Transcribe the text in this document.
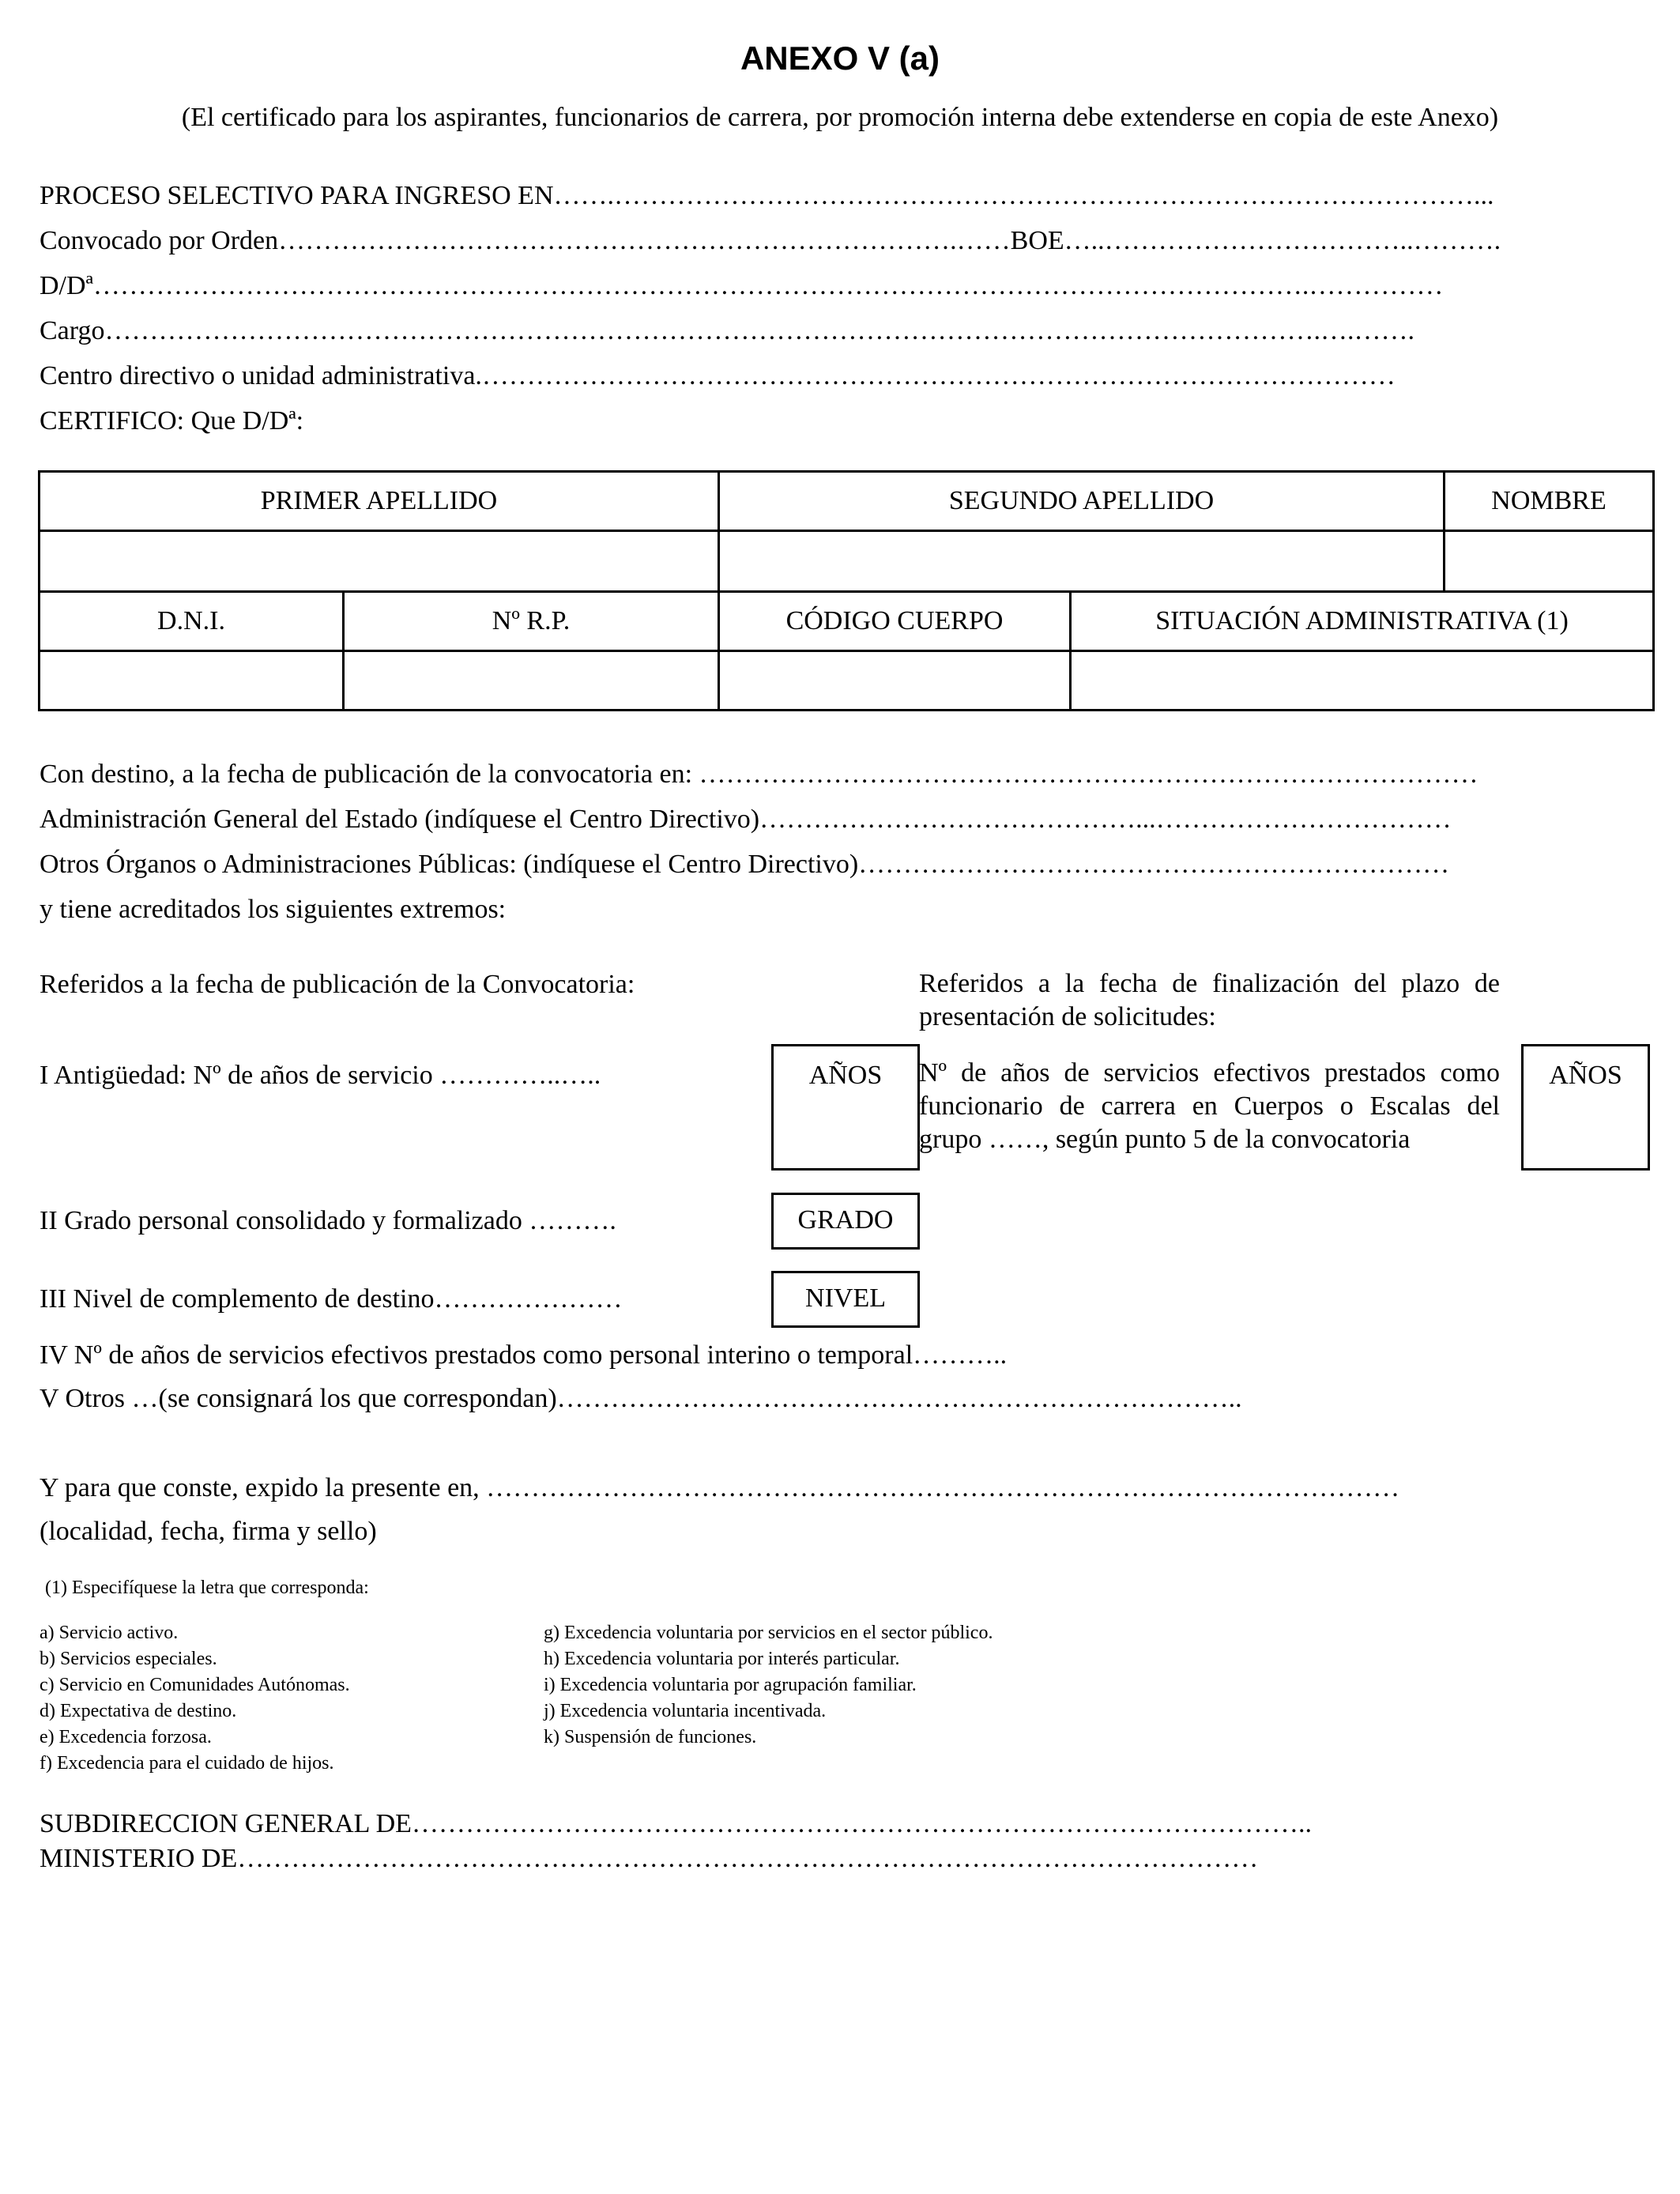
ANEXO V (a)
(El certificado para los aspirantes, funcionarios de carrera, por promoción interna debe extenderse en copia de este Anexo)
PROCESO SELECTIVO PARA INGRESO EN…….……………………………………………………………………………………...
Convocado por Orden………………………………………………………………….……BOE…..……………………………..……….
D/Dª……………………………………………………………………………………………………………………….……………
Cargo……………………………………………………………………………………………………………………….….…….
Centro directivo o unidad administrativa.…………………………………………………………………………………………
CERTIFICO: Que D/Dª:
PRIMER APELLIDO		SEGUNDO APELLIDO		NOMBRE

D.N.I.	Nº R.P.	CÓDIGO CUERPO	SITUACIÓN ADMINISTRATIVA (1)	

Con destino, a la fecha de publicación de la convocatoria en: ……………………………………………………………………………
Administración General del Estado (indíquese el Centro Directivo)……………………………………...……………………………
Otros Órganos o Administraciones Públicas: (indíquese el Centro Directivo)…………………………………………………………
y tiene acreditados los siguientes extremos:
Referidos a la fecha de publicación de la Convocatoria:	Referidos a la fecha de finalización del plazo de presentación de solicitudes:
I Antigüedad: Nº de años de servicio …………..…..	AÑOS	Nº de años de servicios efectivos prestados como funcionario de carrera en Cuerpos o Escalas del grupo ……, según punto 5 de la convocatoria
AÑOS
II Grado personal consolidado y formalizado ……….	GRADO
III Nivel de complemento de destino…………………	NIVEL
IV Nº de años de servicios efectivos prestados como personal interino o temporal………..
V Otros …(se consignará los que correspondan)…………………………………………………………………..
Y para que conste, expido la presente en, …………………………………………………………………………………………
(localidad, fecha, firma y sello)
(1) Especifíquese la letra que corresponda:
a) Servicio activo.
b) Servicios especiales.
c) Servicio en Comunidades Autónomas.
d) Expectativa de destino.
e) Excedencia forzosa.
f) Excedencia para el cuidado de hijos.
g) Excedencia voluntaria por servicios en el sector público.
h) Excedencia voluntaria por interés particular.
i) Excedencia voluntaria por agrupación familiar.
j) Excedencia voluntaria incentivada.
k) Suspensión de funciones.
SUBDIRECCION GENERAL DE………………………………………………………………………………………..
MINISTERIO DE……………………………………………………………………………………………………
